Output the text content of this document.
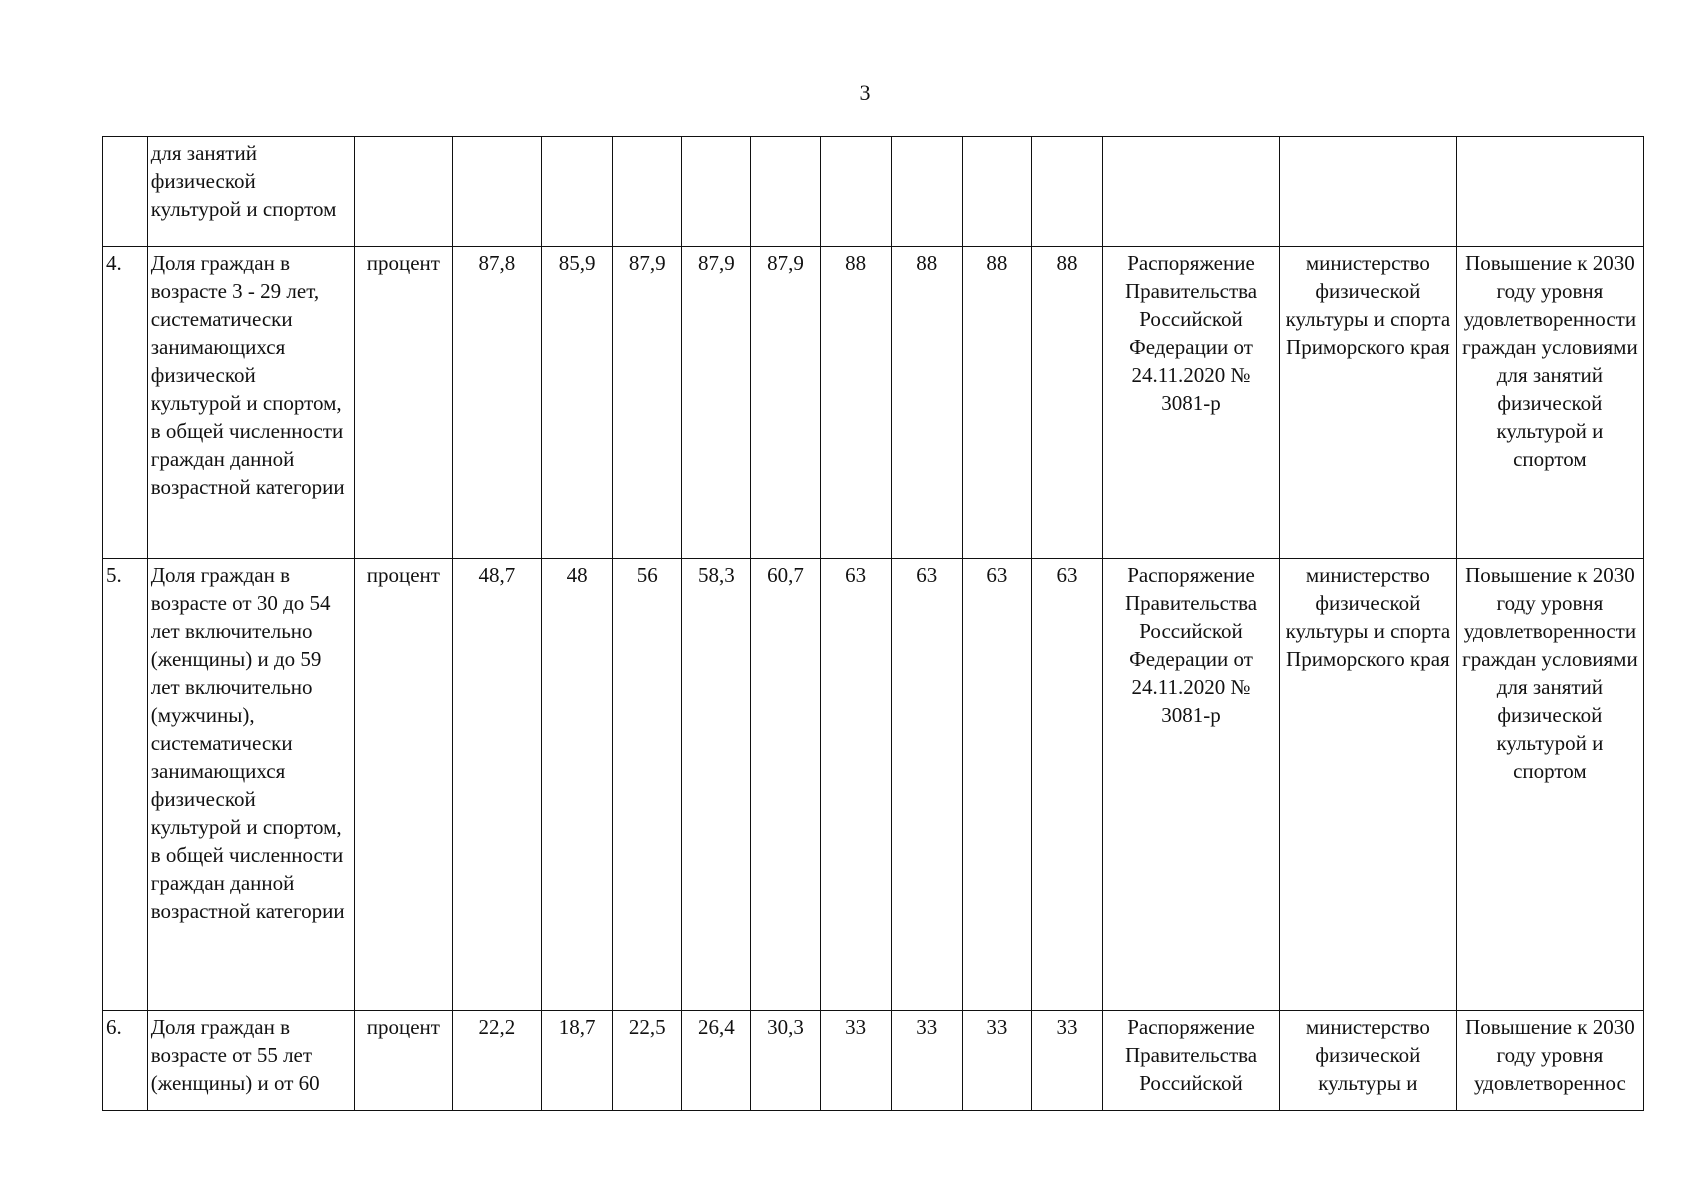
3
	для занятий физической культурой и спортом													
4.	Доля граждан в возрасте 3 - 29 лет, систематически занимающихся физической культурой и спортом, в общей численности граждан данной возрастной категории	процент	87,8	85,9	87,9	87,9	87,9	88	88	88	88	Распоряжение Правительства Российской Федерации от 24.11.2020 № 3081-р	министерство физической культуры и спорта Приморского края	Повышение к 2030 году уровня удовлетворенности граждан условиями для занятий физической культурой и спортом
5.	Доля граждан в возрасте от 30 до 54 лет включительно (женщины) и до 59 лет включительно (мужчины), систематически занимающихся физической культурой и спортом, в общей численности граждан данной возрастной категории	процент	48,7	48	56	58,3	60,7	63	63	63	63	Распоряжение Правительства Российской Федерации от 24.11.2020 № 3081-р	министерство физической культуры и спорта Приморского края	Повышение к 2030 году уровня удовлетворенности граждан условиями для занятий физической культурой и спортом
6.	Доля граждан в возрасте от 55 лет (женщины) и от 60	процент	22,2	18,7	22,5	26,4	30,3	33	33	33	33	Распоряжение Правительства Российской	министерство физической культуры и	Повышение к 2030 году уровня удовлетвореннос
